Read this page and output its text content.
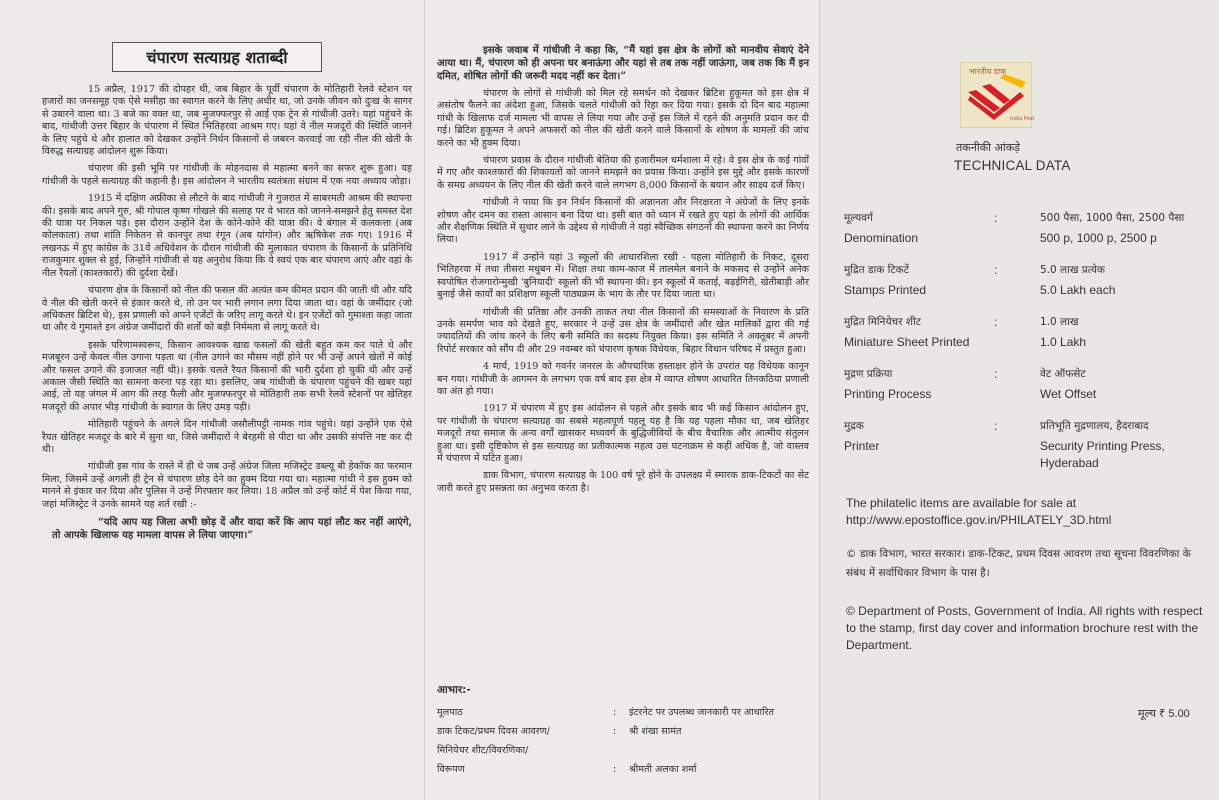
चंपारण सत्याग्रह शताब्दी

15 अप्रैल, 1917 की दोपहर थी, जब बिहार के पूर्वी चंपारण के मोतिहारी रेलवे स्टेशन पर हजारों का जनसमूह एक ऐसे मसीहा का स्वागत करने के लिए अधीर था, जो उनके जीवन को दुःख के सागर से उबारने वाला था। 3 बजे का वक्त था, जब मुजफ्फरपुर से आई एक ट्रेन से गांधीजी उतरे। यहां पहुंचने के बाद, गांधीजी उत्तर बिहार के चंपारण में स्थित भितिहरवा आश्रम गए। यहां वे नील मजदूरों की स्थिति जानने के लिए पहुंचे थे और हालात को देखकर उन्होंने निर्धन किसानों से जबरन करवाई जा रही नील की खेती के विरुद्ध सत्याग्रह आंदोलन शुरू किया।

चंपारण की इसी भूमि पर गांधीजी के मोहनदास से महात्मा बनने का सफर शुरू हुआ। यह गांधीजी के पहले सत्याग्रह की कहानी है। इस आंदोलन ने भारतीय स्वतंत्रता संग्राम में एक नया अध्याय जोड़ा।

1915 में दक्षिण अफ्रीका से लौटने के बाद गांधीजी ने गुजरात में साबरमती आश्रम की स्थापना की। इसके बाद अपने गुरु, श्री गोपाल कृष्ण गोखले की सलाह पर वे भारत को जानने-समझने हेतु समस्त देश की यात्रा पर निकल पड़े। इस दौरान उन्होंने देश के कोने-कोने की यात्रा की। वे बंगाल में कलकत्ता (अब कोलकाता) तथा शांति निकेतन से कानपुर तथा रंगून (अब यांगोन) और ऋषिकेश तक गए। 1916 में लखनऊ में हुए कांग्रेस के 31वें अधिवेशन के दौरान गांधीजी की मुलाकात चंपारण के किसानों के प्रतिनिधि राजकुमार शुक्ल से हुई, जिन्होंने गांधीजी से यह अनुरोध किया कि वे स्वयं एक बार चंपारण आएं और वहां के नील रैयतों (काश्तकारों) की दुर्दशा देखें।

चंपारण क्षेत्र के किसानों को नील की फसल की अत्यंत कम कीमत प्रदान की जाती थी और यदि वे नील की खेती करने से इंकार करते थे, तो उन पर भारी लगान लगा दिया जाता था। वहां के जमींदार (जो अधिकतर ब्रिटिश थे), इस प्रणाली को अपने एजेंटों के जरिए लागू करते थे। इन एजेंटों को गुमाश्ता कहा जाता था और ये गुमाश्ते इन अंग्रेज जमींदारों की शर्तों को बड़ी निर्ममता से लागू करते थे।

इसके परिणामस्वरूप, किसान आवश्यक खाद्य फसलों की खेती बहुत कम कर पाते थे और मजबूरन उन्हें केवल नील उगाना पड़ता था (नील उगाने का मौसम नहीं होने पर भी उन्हें अपने खेतों में कोई और फसल उगाने की इजाजत नहीं थी)। इसके चलते रैयत किसानों की भारी दुर्दशा हो चुकी थी और उन्हें अकाल जैसी स्थिति का सामना करना पड़ रहा था। इसलिए, जब गांधीजी के चंपारण पहुंचने की खबर यहां आई, तो यह जंगल में आग की तरह फैली और मुजफ्फरपुर से मोतिहारी तक सभी रेलवे स्टेशनों पर खेतिहर मजदूरों की अपार भीड़ गांधीजी के स्वागत के लिए उमड़ पड़ी।

मोतिहारी पहुंचने के अगले दिन गांधीजी जसौलीपट्टी नामक गांव पहुंचे। यहां उन्होंने एक ऐसे रैयत खेतिहर मजदूर के बारे में सुना था, जिसे जमींदारों ने बेरहमी से पीटा था और उसकी संपत्ति नष्ट कर दी थी।

गांधीजी इस गांव के रास्ते में ही थे जब उन्हें अंग्रेज जिला मजिस्ट्रेट डब्ल्यू बी हेकॉक का फरमान मिला, जिसमें उन्हें अगली ही ट्रेन से चंपारण छोड़ देने का हुक्म दिया गया था। महात्मा गांधी ने इस हुक्म को मानने से इंकार कर दिया और पुलिस ने उन्हें गिरफ्तार कर लिया। 18 अप्रैल को उन्हें कोर्ट में पेश किया गया, जहां मजिस्ट्रेट ने उनके सामने यह शर्त रखी :-

“यदि आप यह जिला अभी छोड़ दें और वादा करें कि आप यहां लौट कर नहीं आएंगे, तो आपके खिलाफ यह मामला वापस ले लिया जाएगा।”

इसके जवाब में गांधीजी ने कहा कि, “मैं यहां इस क्षेत्र के लोगों को मानवीय सेवाएं देने आया था। मैं, चंपारण को ही अपना घर बनाऊंगा और यहां से तब तक नहीं जाऊंगा, जब तक कि मैं इन दमित, शोषित लोगों की जरूरी मदद नहीं कर देता।”

चंपारण के लोगों से गांधीजी को मिल रहे समर्थन को देखकर ब्रिटिश हुकूमत को इस क्षेत्र में असंतोष फैलने का अंदेशा हुआ, जिसके चलते गांधीजी को रिहा कर दिया गया। इसके दो दिन बाद महात्मा गांधी के खिलाफ दर्ज मामला भी वापस ले लिया गया और उन्हें इस जिले में रहने की अनुमति प्रदान कर दी गई। ब्रिटिश हुकूमत ने अपने अफसरों को नील की खेती करने वाले किसानों के शोषण के मामलों की जांच करने का भी हुक्म दिया।

चंपारण प्रवास के दौरान गांधीजी बेतिया की हजारीमल धर्मशाला में रहे। वे इस क्षेत्र के कई गांवों में गए और काश्तकारों की शिकायतों को जानने समझने का प्रयास किया। उन्होंने इस मुद्दे और इसके कारणों के समग्र अध्ययन के लिए नील की खेती करने वाले लगभग 8,000 किसानों के बयान और साक्ष्य दर्ज किए।

गांधीजी ने पाया कि इन निर्धन किसानों की अज्ञानता और निरक्षरता ने अंग्रेजों के लिए इनके शोषण और दमन का रास्ता आसान बना दिया था। इसी बात को ध्यान में रखते हुए यहां के लोगों की आर्थिक और शैक्षणिक स्थिति में सुधार लाने के उद्देश्य से गांधीजी ने यहां स्वैच्छिक संगठनों की स्थापना करने का निर्णय लिया।

1917 में उन्होंने यहां 3 स्कूलों की आधारशिला रखी - पहला मोतिहारी के निकट, दूसरा भितिहरवा में तथा तीसरा मधुबन में। शिक्षा तथा काम-काज में तालमेल बनाने के मकसद से उन्होंने अनेक स्वपोषित रोजगारोन्मुखी 'बुनियादी' स्कूलों की भी स्थापना की। इन स्कूलों में कताई, बढ़ईगिरी, खेतीबाड़ी और बुनाई जैसे कार्यों का प्रशिक्षण स्कूली पाठ्यक्रम के भाग के तौर पर दिया जाता था।

गांधीजी की प्रतिष्ठा और उनकी ताकत तथा नील किसानों की समस्याओं के निवारण के प्रति उनके समर्पण भाव को देखते हुए, सरकार ने उन्हें उस क्षेत्र के जमींदारों और खेत मालिकों द्वारा की गई ज्यादतियों की जांच करने के लिए बनी समिति का सदस्य नियुक्त किया। इस समिति ने अक्तूबर में अपनी रिपोर्ट सरकार को सौंप दी और 29 नवम्बर को चंपारण कृषक विधेयक, बिहार विधान परिषद में प्रस्तुत हुआ।

4 मार्च, 1919 को गवर्नर जनरल के औपचारिक हस्ताक्षर होने के उपरांत यह विधेयक कानून बन गया। गांधीजी के आगमन के लगभग एक वर्ष बाद इस क्षेत्र में व्याप्त शोषण आधारित तिनकठिया प्रणाली का अंत हो गया।

1917 में चंपारण में हुए इस आंदोलन से पहले और इसके बाद भी कई किसान आंदोलन हुए, पर गांधीजी के चंपारण सत्याग्रह का सबसे महत्वपूर्ण पहलू यह है कि यह पहला मौका था, जब खेतिहर मजदूरों तथा समाज के अन्य वर्गों खासकर मध्यवर्ग के बुद्धिजीवियों के बीच वैचारिक और आत्मीय संतुलन हुआ था। इसी दृष्टिकोण से इस सत्याग्रह का प्रतीकात्मक महत्व उस घटनाक्रम से कहीं अधिक है, जो वास्तव में चंपारण में घटित हुआ।

डाक विभाग, चंपारण सत्याग्रह के 100 वर्ष पूरे होने के उपलक्ष्य में स्मारक डाक-टिकटों का सेट जारी करते हुए प्रसन्नता का अनुभव करता है।

आभार:-
मूलपाठ	:	इंटरनेट पर उपलब्ध जानकारी पर आधारित
डाक टिकट/प्रथम दिवस आवरण/	:	श्री शंखा सामंत
मिनियेचर शीट/विवरणिका/
विरूपण	:	श्रीमती अलका शर्मा
भारतीय डाक
India Post
तकनीकी आंकड़े
TECHNICAL DATA
मूल्यवर्ग	:	500 पैसा, 1000 पैसा, 2500 पैसा
Denomination	500 p, 1000 p, 2500 p
मुद्रित डाक टिकटें	:	5.0 लाख प्रत्येक
Stamps Printed	5.0 Lakh each
मुद्रित मिनियेचर शीट	:	1.0 लाख
Miniature Sheet Printed	1.0 Lakh
मुद्रण प्रक्रिया	:	वेट ऑफसेट
Printing Process	Wet Offset
मुद्रक	:	प्रतिभूति मुद्रणालय, हैदराबाद
Printer	Security Printing Press, Hyderabad
The philatelic items are available for sale at http://www.epostoffice.gov.in/PHILATELY_3D.html
© डाक विभाग, भारत सरकार। डाक-टिकट, प्रथम दिवस आवरण तथा सूचना विवरणिका के संबंध में सर्वाधिकार विभाग के पास है।
© Department of Posts, Government of India. All rights with respect to the stamp, first day cover and information brochure rest with the Department.
मूल्य ₹ 5.00
